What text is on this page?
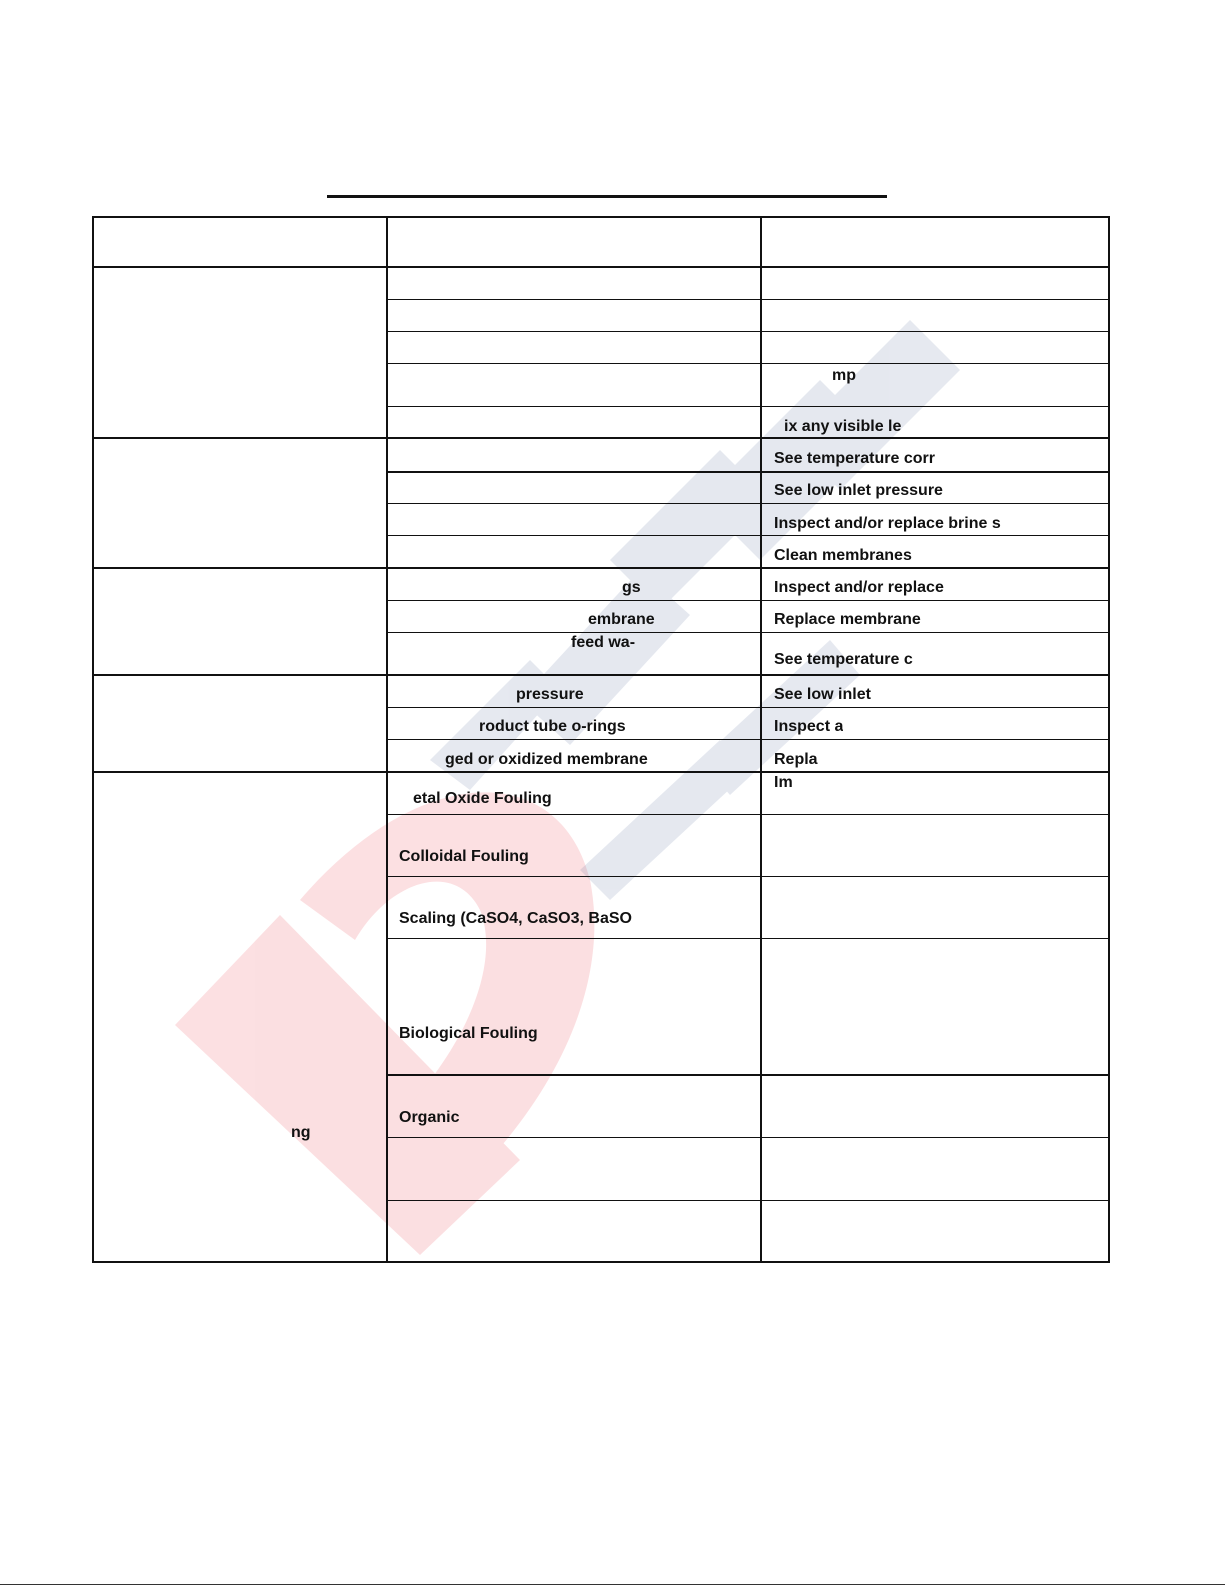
ng
gs
embrane
feed wa-
pressure
roduct tube o-rings
ged or oxidized membrane
etal Oxide Fouling
Colloidal Fouling
Scaling (CaSO4, CaSO3, BaSO
Biological Fouling
Organic
mp
ix any visible le
See temperature corr
See low inlet pressure
Inspect and/or replace brine s
Clean membranes
Inspect and/or replace
Replace membrane
See temperature c
See low inlet
Inspect a
Repla
Im
